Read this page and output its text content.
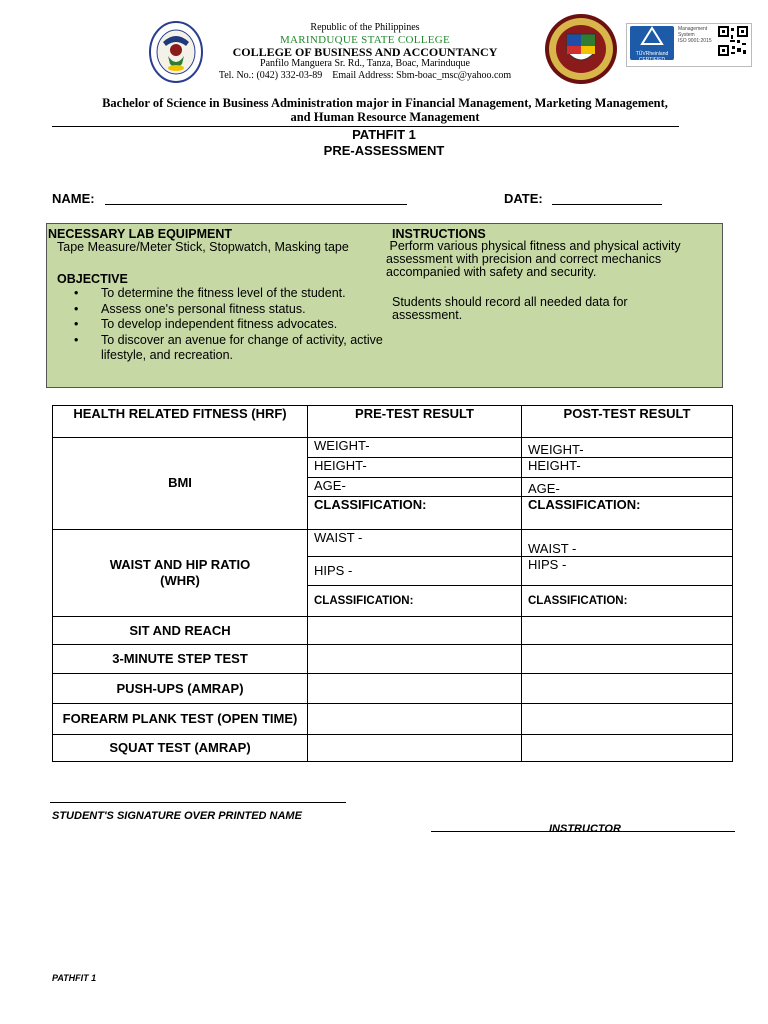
Republic of the Philippines
MARINDUQUE STATE COLLEGE
COLLEGE OF BUSINESS AND ACCOUNTANCY
Panfilo Manguera Sr. Rd., Tanza, Boac, Marinduque
Tel. No.: (042) 332-03-89    Email Address: Sbm-boac_msc@yahoo.com
TÜVRheinland
CERTIFIED
Management
System
ISO 9001:2015
Bachelor of Science in Business Administration major in Financial Management, Marketing Management,
and Human Resource Management
PATHFIT 1
PRE-ASSESSMENT
NAME:	DATE:
NECESSARY LAB EQUIPMENT
Tape Measure/Meter Stick, Stopwatch, Masking tape
OBJECTIVE
• To determine the fitness level of the student.
• Assess one's personal fitness status.
• To develop independent fitness advocates.
• To discover an avenue for change of activity, active lifestyle, and recreation.
INSTRUCTIONS
Perform various physical fitness and physical activity assessment with precision and correct mechanics accompanied with safety and security.
Students should record all needed data for assessment.
HEALTH RELATED FITNESS (HRF)	PRE-TEST RESULT	POST-TEST RESULT
BMI	WEIGHT-	WEIGHT-
	HEIGHT-	HEIGHT-
	AGE-	AGE-
	CLASSIFICATION:	CLASSIFICATION:

WAIST AND HIP RATIO
(WHR)	WAIST -	WAIST -
	HIPS -	HIPS -
	CLASSIFICATION:	CLASSIFICATION:
SIT AND REACH		
3-MINUTE STEP TEST		
PUSH-UPS (AMRAP)		
FOREARM PLANK TEST (OPEN TIME)		
SQUAT TEST (AMRAP)		
STUDENT'S SIGNATURE OVER PRINTED NAME
INSTRUCTOR
PATHFIT 1
